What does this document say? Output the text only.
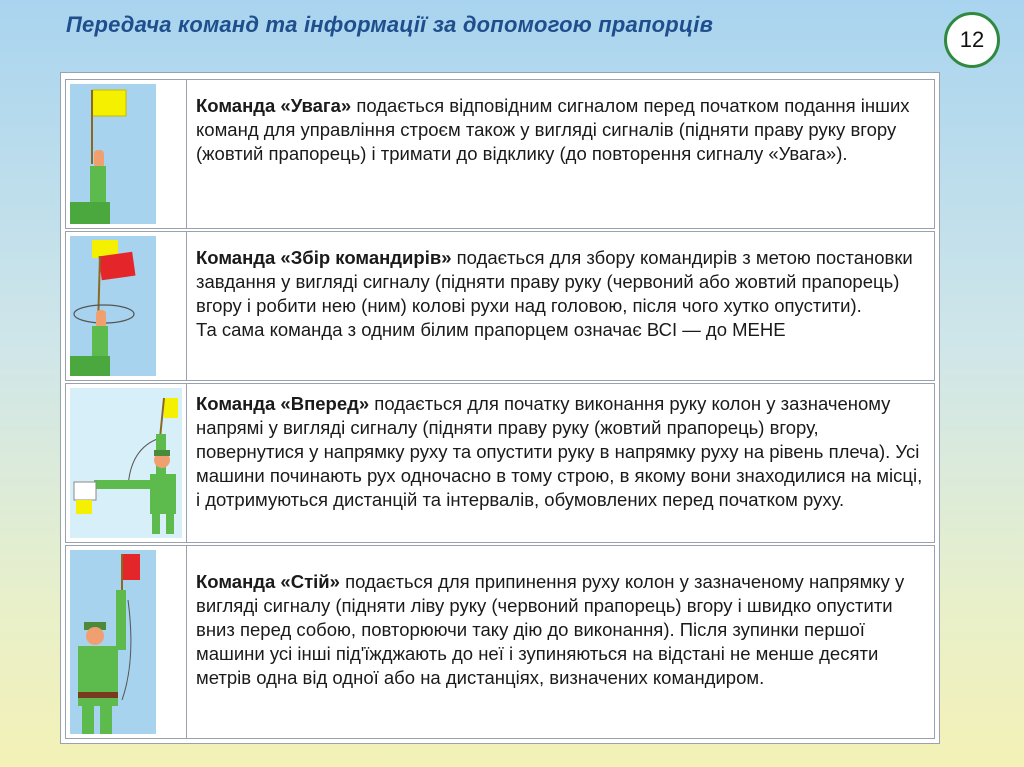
Передача команд та інформації за допомогою прапорців
12
Команда «Увага» подається відповідним сигналом перед початком подання інших команд для управління строєм також у вигляді сигналів (підняти праву руку вгору (жовтий прапорець) і тримати до відклику (до повторення сигналу «Увага»).
Команда «Збір командирів» подається для збору командирів з метою постановки завдання у вигляді сигналу (підняти праву руку (червоний або жовтий прапорець) вгору і робити нею (ним) колові рухи над головою, після чого хутко опустити).
Та сама команда з одним білим прапорцем означає ВСІ — до МЕНЕ
Команда «Вперед» подається для початку виконання руку колон у зазначеному напрямі у вигляді сигналу (підняти праву руку (жовтий прапорець) вгору, повернутися у напрямку руху та опустити руку в напрямку руху на рівень плеча). Усі машини починають рух одночасно в тому строю, в якому вони знаходилися на місці, і дотримуються дистанцій та інтервалів, обумовлених перед початком руху.
Команда «Стій» подається для припинення руху колон у зазначеному напрямку у вигляді сигналу (підняти ліву руку (червоний прапорець) вгору і швидко опустити вниз перед собою, повторюючи таку дію до виконання). Після зупинки першої машини усі інші під'їжджають до неї і зупиняються на відстані не менше десяти метрів одна від одної або на дистанціях, визначених командиром.
